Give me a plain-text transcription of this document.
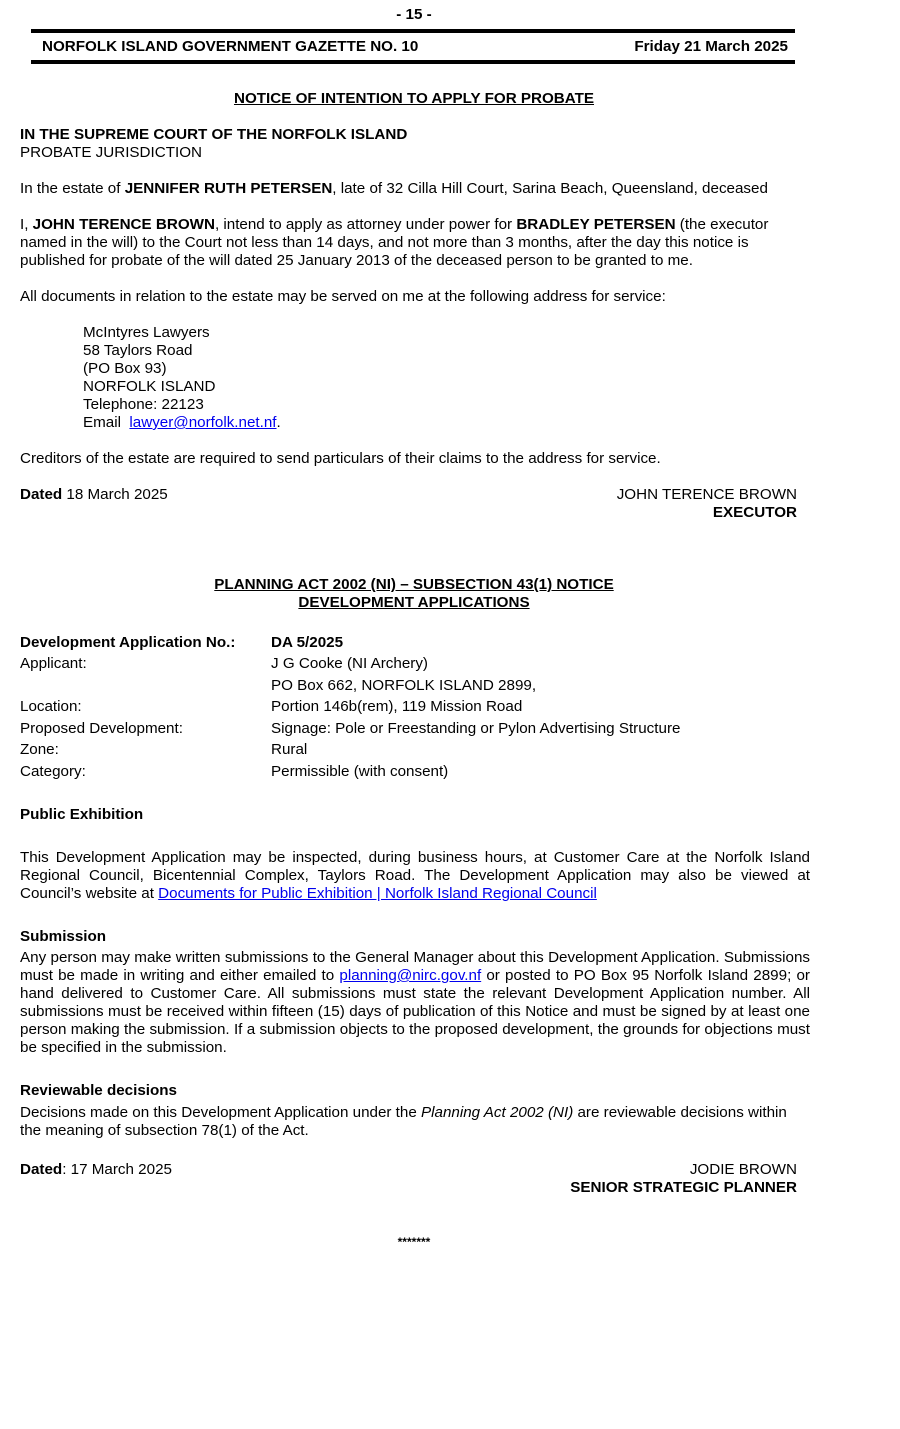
- 15 -
NORFOLK ISLAND GOVERNMENT GAZETTE NO. 10	Friday 21 March 2025
NOTICE OF INTENTION TO APPLY FOR PROBATE
IN THE SUPREME COURT OF THE NORFOLK ISLAND
PROBATE JURISDICTION
In the estate of JENNIFER RUTH PETERSEN, late of 32 Cilla Hill Court, Sarina Beach, Queensland, deceased
I, JOHN TERENCE BROWN, intend to apply as attorney under power for BRADLEY PETERSEN (the executor named in the will) to the Court not less than 14 days, and not more than 3 months, after the day this notice is published for probate of the will dated 25 January 2013 of the deceased person to be granted to me.
All documents in relation to the estate may be served on me at the following address for service:
McIntyres Lawyers
58 Taylors Road
(PO Box 93)
NORFOLK ISLAND
Telephone: 22123
Email  lawyer@norfolk.net.nf.
Creditors of the estate are required to send particulars of their claims to the address for service.
Dated 18 March 2025	JOHN TERENCE BROWN
EXECUTOR
PLANNING ACT 2002 (NI) – SUBSECTION 43(1) NOTICE
DEVELOPMENT APPLICATIONS
Development Application No.: DA 5/2025
Applicant:	J G Cooke (NI Archery)
PO Box 662, NORFOLK ISLAND 2899,
Location:	Portion 146b(rem), 119 Mission Road
Proposed Development:	Signage: Pole or Freestanding or Pylon Advertising Structure
Zone:	Rural
Category:	Permissible (with consent)
Public Exhibition
This Development Application may be inspected, during business hours, at Customer Care at the Norfolk Island Regional Council, Bicentennial Complex, Taylors Road. The Development Application may also be viewed at Council’s website at Documents for Public Exhibition | Norfolk Island Regional Council
Submission
Any person may make written submissions to the General Manager about this Development Application. Submissions must be made in writing and either emailed to planning@nirc.gov.nf or posted to PO Box 95 Norfolk Island 2899; or hand delivered to Customer Care. All submissions must state the relevant Development Application number. All submissions must be received within fifteen (15) days of publication of this Notice and must be signed by at least one person making the submission. If a submission objects to the proposed development, the grounds for objections must be specified in the submission.
Reviewable decisions
Decisions made on this Development Application under the Planning Act 2002 (NI) are reviewable decisions within the meaning of subsection 78(1) of the Act.
Dated: 17 March 2025	JODIE BROWN
SENIOR STRATEGIC PLANNER
*******
